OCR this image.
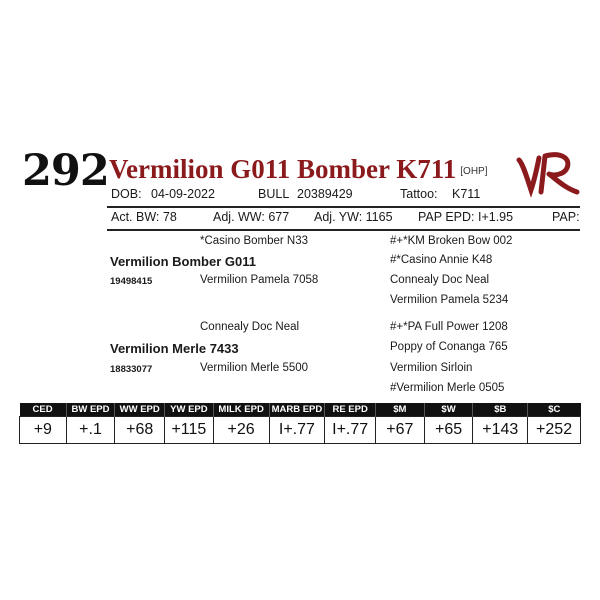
292 Vermilion G011 Bomber K711 [OHP]
DOB: 04-09-2022	BULL 20389429	Tattoo: K711
Act. BW: 78	Adj. WW: 677 Adj. YW: 1165 PAP EPD: I+1.95	PAP:
*Casino Bomber N33	#+*KM Broken Bow 002
Vermilion Bomber G011	#*Casino Annie K48
19498415	Vermilion Pamela 7058	Connealy Doc Neal
Vermilion Pamela 5234
Connealy Doc Neal	#+*PA Full Power 1208
Vermilion Merle 7433	Poppy of Conanga 765
18833077	Vermilion Merle 5500	Vermilion Sirloin
#Vermilion Merle 0505
CED	BW EPD	WW EPD	YW EPD	MILK EPD	MARB EPD	RE EPD	$M	$W	$B	$C
+9	+.1	+68	+115	+26	I+.77	I+.77	+67	+65	+143	+252
